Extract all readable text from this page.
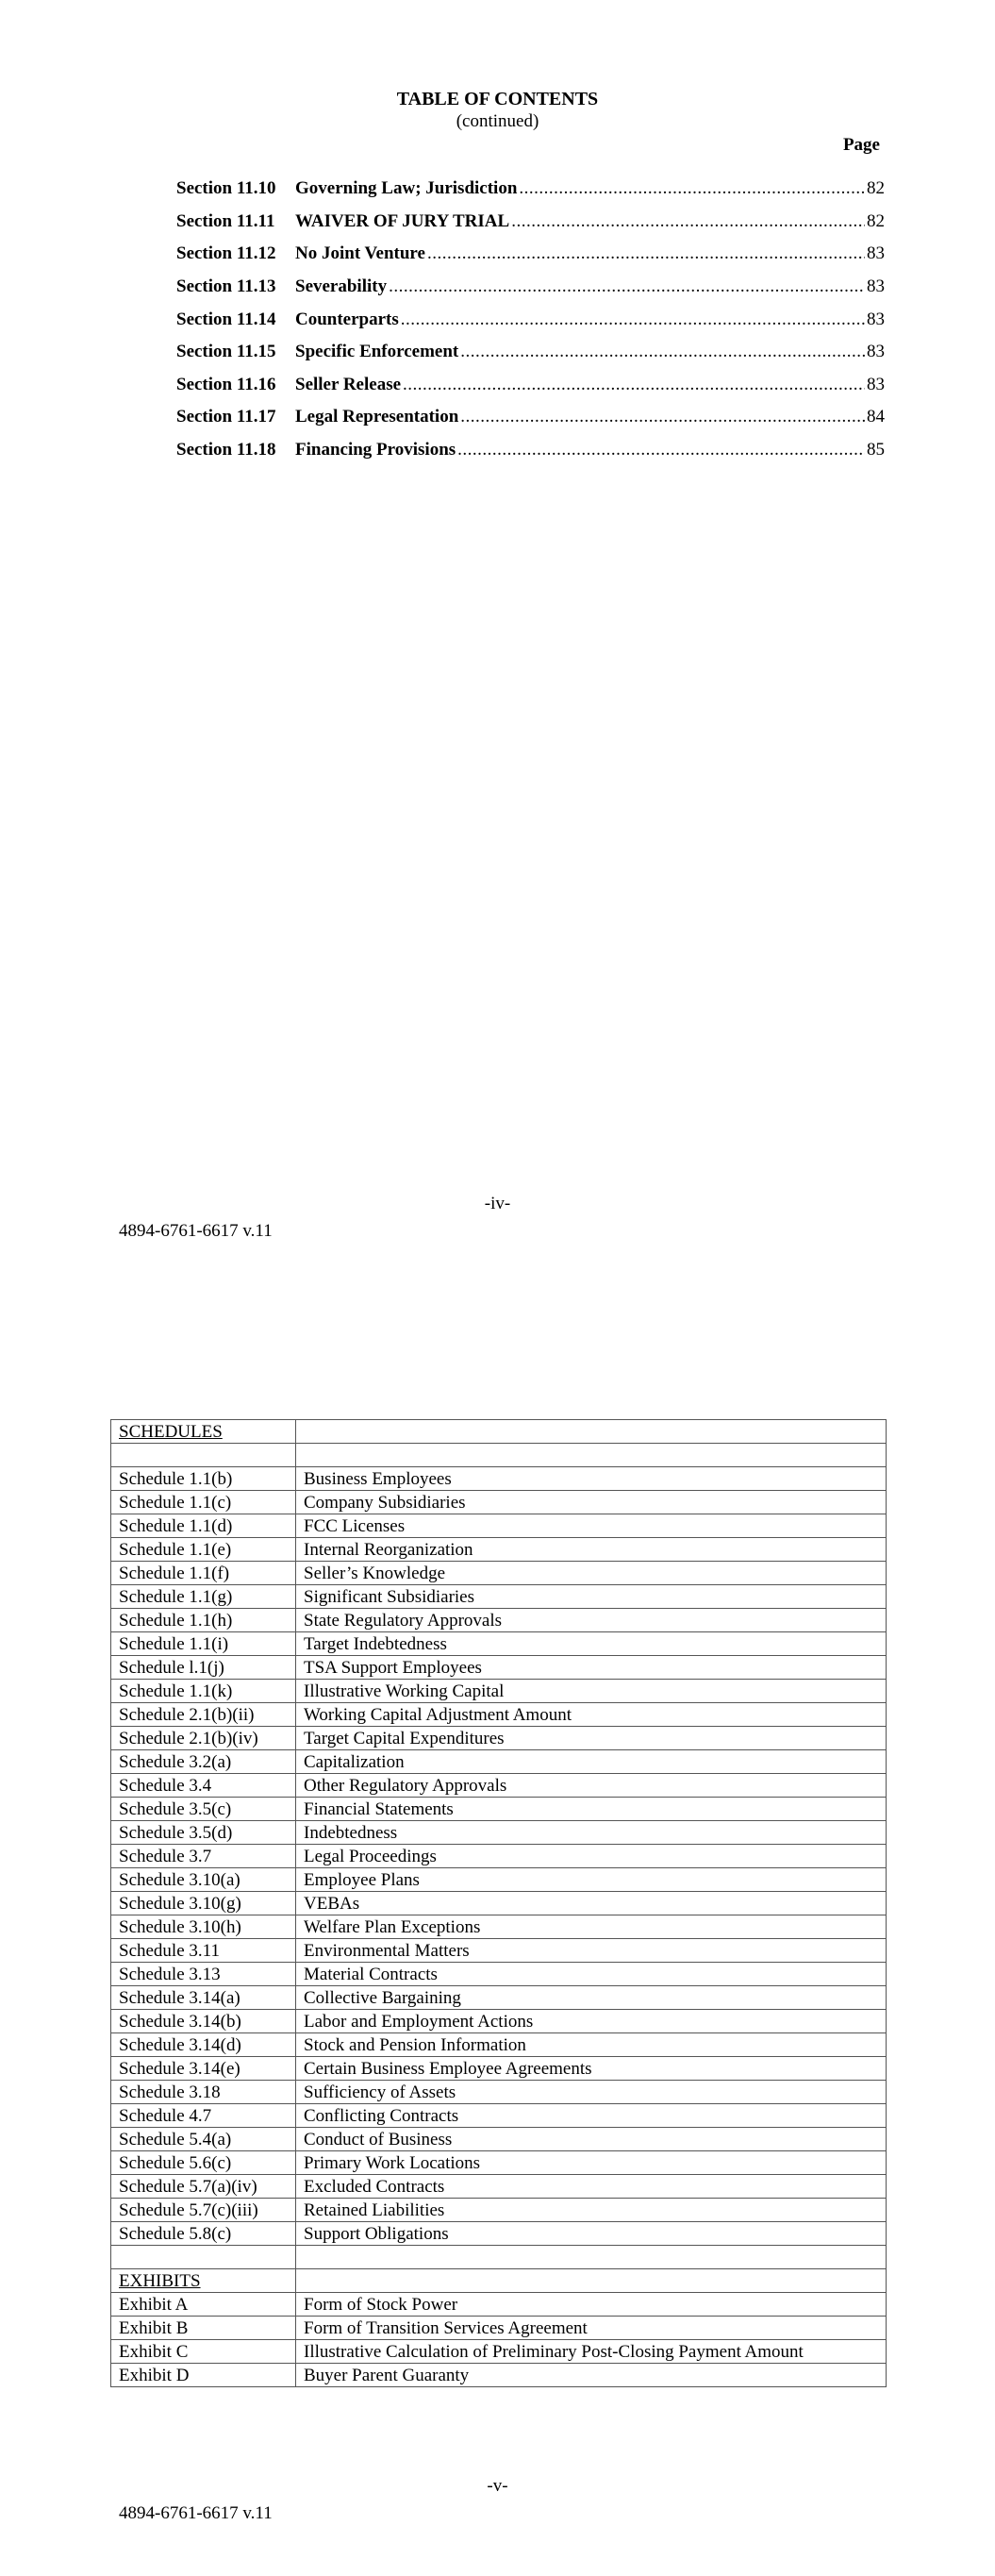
TABLE OF CONTENTS
(continued)
Page
Section 11.10	Governing Law; Jurisdiction .....	82
Section 11.11	WAIVER OF JURY TRIAL .....	82
Section 11.12	No Joint Venture .....	83
Section 11.13	Severability .....	83
Section 11.14	Counterparts .....	83
Section 11.15	Specific Enforcement .....	83
Section 11.16	Seller Release .....	83
Section 11.17	Legal Representation .....	84
Section 11.18	Financing Provisions .....	85
-iv-
4894-6761-6617 v.11
SCHEDULES	

Schedule 1.1(b)	Business Employees
Schedule 1.1(c)	Company Subsidiaries
Schedule 1.1(d)	FCC Licenses
Schedule 1.1(e)	Internal Reorganization
Schedule 1.1(f)	Seller’s Knowledge
Schedule 1.1(g)	Significant Subsidiaries
Schedule 1.1(h)	State Regulatory Approvals
Schedule 1.1(i)	Target Indebtedness
Schedule l.1(j)	TSA Support Employees
Schedule 1.1(k)	Illustrative Working Capital
Schedule 2.1(b)(ii)	Working Capital Adjustment Amount
Schedule 2.1(b)(iv)	Target Capital Expenditures
Schedule 3.2(a)	Capitalization
Schedule 3.4	Other Regulatory Approvals
Schedule 3.5(c)	Financial Statements
Schedule 3.5(d)	Indebtedness
Schedule 3.7	Legal Proceedings
Schedule 3.10(a)	Employee Plans
Schedule 3.10(g)	VEBAs
Schedule 3.10(h)	Welfare Plan Exceptions
Schedule 3.11	Environmental Matters
Schedule 3.13	Material Contracts
Schedule 3.14(a)	Collective Bargaining
Schedule 3.14(b)	Labor and Employment Actions
Schedule 3.14(d)	Stock and Pension Information
Schedule 3.14(e)	Certain Business Employee Agreements
Schedule 3.18	Sufficiency of Assets
Schedule 4.7	Conflicting Contracts
Schedule 5.4(a)	Conduct of Business
Schedule 5.6(c)	Primary Work Locations
Schedule 5.7(a)(iv)	Excluded Contracts
Schedule 5.7(c)(iii)	Retained Liabilities
Schedule 5.8(c)	Support Obligations

EXHIBITS	
Exhibit A	Form of Stock Power
Exhibit B	Form of Transition Services Agreement
Exhibit C	Illustrative Calculation of Preliminary Post-Closing Payment Amount
Exhibit D	Buyer Parent Guaranty
-v-
4894-6761-6617 v.11
